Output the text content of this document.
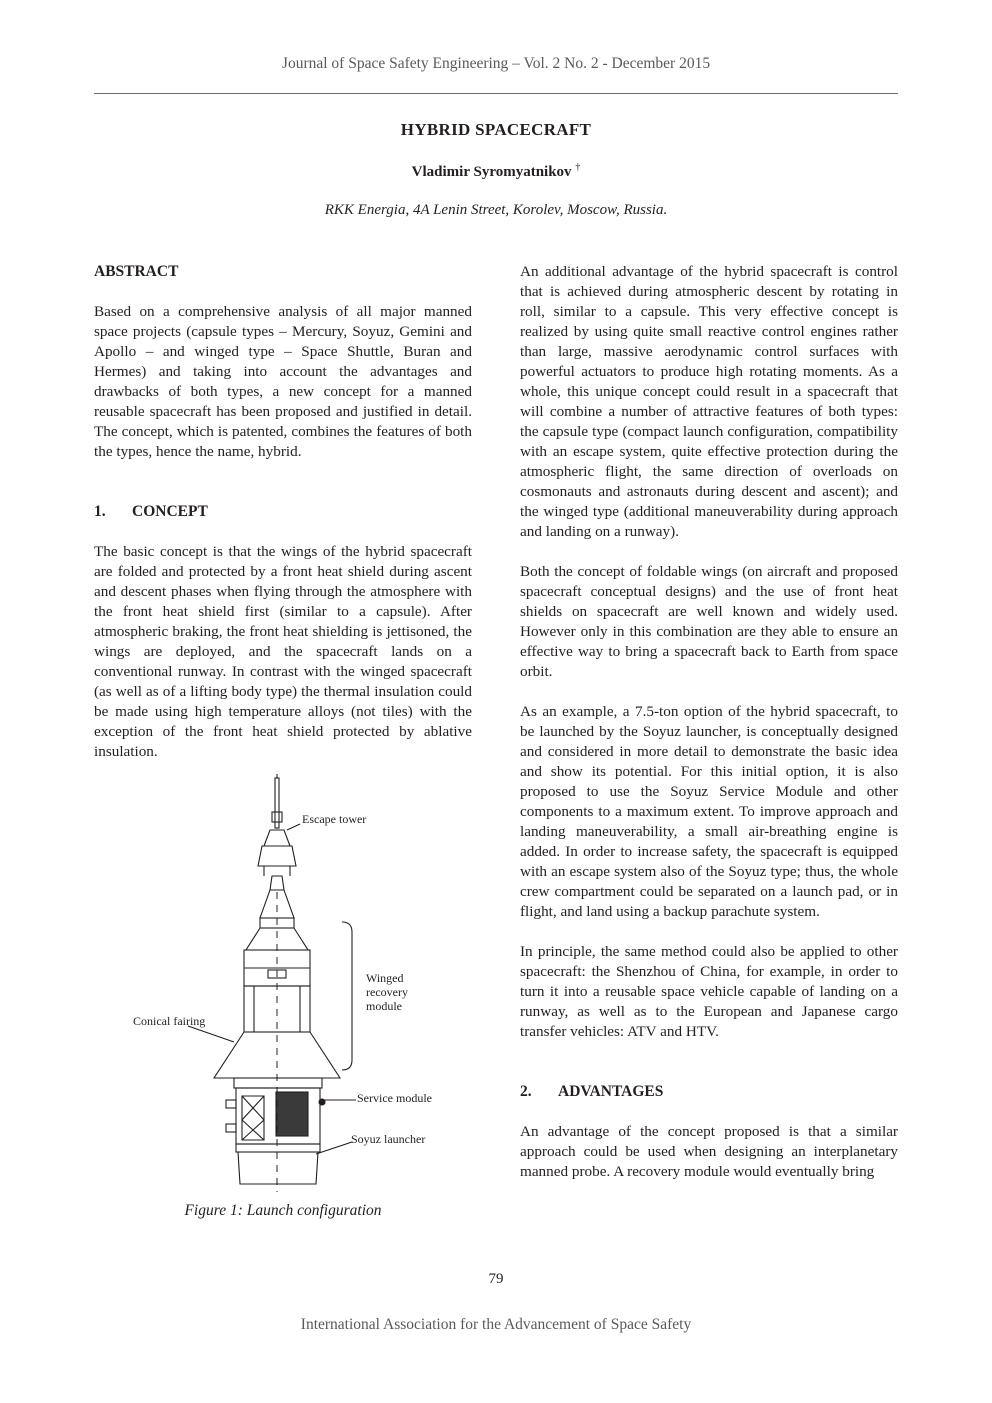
Journal of Space Safety Engineering – Vol. 2 No. 2 - December 2015
HYBRID SPACECRAFT
Vladimir Syromyatnikov †
RKK Energia, 4A Lenin Street, Korolev, Moscow, Russia.
ABSTRACT

Based on a comprehensive analysis of all major manned space projects (capsule types – Mercury, Soyuz, Gemini and Apollo – and winged type – Space Shuttle, Buran and Hermes) and taking into account the advantages and drawbacks of both types, a new concept for a manned reusable spacecraft has been proposed and justified in detail. The concept, which is patented, combines the features of both the types, hence the name, hybrid.

1. CONCEPT

The basic concept is that the wings of the hybrid spacecraft are folded and protected by a front heat shield during ascent and descent phases when flying through the atmosphere with the front heat shield first (similar to a capsule). After atmospheric braking, the front heat shielding is jettisoned, the wings are deployed, and the spacecraft lands on a conventional runway. In contrast with the winged spacecraft (as well as of a lifting body type) the thermal insulation could be made using high temperature alloys (not tiles) with the exception of the front heat shield protected by ablative insulation.

Escape tower
Winged
recovery
module
Conical fairing
Service module
Soyuz launcher
Figure 1: Launch configuration

An additional advantage of the hybrid spacecraft is control that is achieved during atmospheric descent by rotating in roll, similar to a capsule. This very effective concept is realized by using quite small reactive control engines rather than large, massive aerodynamic control surfaces with powerful actuators to produce high rotating moments. As a whole, this unique concept could result in a spacecraft that will combine a number of attractive features of both types: the capsule type (compact launch configuration, compatibility with an escape system, quite effective protection during the atmospheric flight, the same direction of overloads on cosmonauts and astronauts during descent and ascent); and the winged type (additional maneuverability during approach and landing on a runway).

Both the concept of foldable wings (on aircraft and proposed spacecraft conceptual designs) and the use of front heat shields on spacecraft are well known and widely used. However only in this combination are they able to ensure an effective way to bring a spacecraft back to Earth from space orbit.

As an example, a 7.5-ton option of the hybrid spacecraft, to be launched by the Soyuz launcher, is conceptually designed and considered in more detail to demonstrate the basic idea and show its potential. For this initial option, it is also proposed to use the Soyuz Service Module and other components to a maximum extent. To improve approach and landing maneuverability, a small air-breathing engine is added. In order to increase safety, the spacecraft is equipped with an escape system also of the Soyuz type; thus, the whole crew compartment could be separated on a launch pad, or in flight, and land using a backup parachute system.

In principle, the same method could also be applied to other spacecraft: the Shenzhou of China, for example, in order to turn it into a reusable space vehicle capable of landing on a runway, as well as to the European and Japanese cargo transfer vehicles: ATV and HTV.

2. ADVANTAGES

An advantage of the concept proposed is that a similar approach could be used when designing an interplanetary manned probe. A recovery module would eventually bring

79
International Association for the Advancement of Space Safety
